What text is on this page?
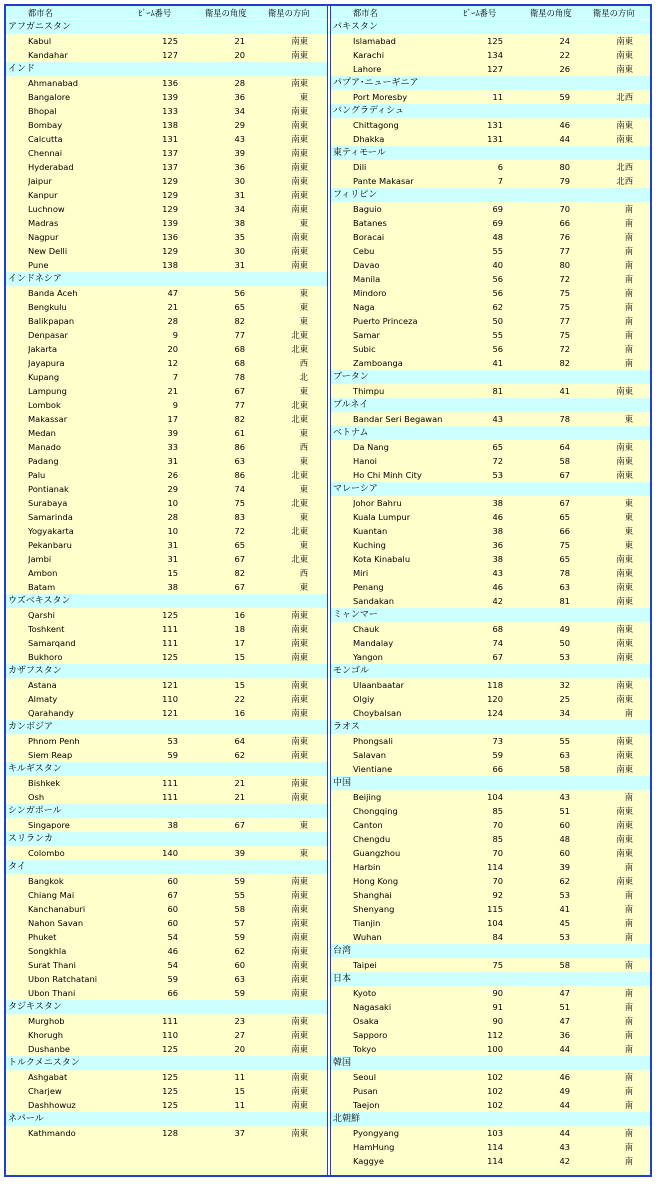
都市名	ﾋﾞｰﾑ番号	衛星の角度	衛星の方向
アフガニスタン
Kabul	125	21	南東
Kandahar	127	20	南東
インド
Ahmanabad	136	28	南東
Bangalore	139	36	東
Bhopal	133	34	南東
Bombay	138	29	南東
Calcutta	131	43	南東
Chennai	137	39	南東
Hyderabad	137	36	南東
Jaipur	129	30	南東
Kanpur	129	31	南東
Luchnow	129	34	南東
Madras	139	38	東
Nagpur	136	35	南東
New Delli	129	30	南東
Pune	138	31	南東
インドネシア
Banda Aceh	47	56	東
Bengkulu	21	65	東
Balikpapan	28	82	東
Denpasar	9	77	北東
Jakarta	20	68	北東
Jayapura	12	68	西
Kupang	7	78	北
Lampung	21	67	東
Lombok	9	77	北東
Makassar	17	82	北東
Medan	39	61	東
Manado	33	86	西
Padang	31	63	東
Palu	26	86	北東
Pontianak	29	74	東
Surabaya	10	75	北東
Samarinda	28	83	東
Yogyakarta	10	72	北東
Pekanbaru	31	65	東
Jambi	31	67	北東
Ambon	15	82	西
Batam	38	67	東
ウズベキスタン
Qarshi	125	16	南東
Toshkent	111	18	南東
Samarqand	111	17	南東
Bukhoro	125	15	南東
カザフスタン
Astana	121	15	南東
Almaty	110	22	南東
Qarahandy	121	16	南東
カンボジア
Phnom Penh	53	64	南東
Siem Reap	59	62	南東
キルギスタン
Bishkek	111	21	南東
Osh	111	21	南東
シンガポール
Singapore	38	67	東
スリランカ
Colombo	140	39	東
タイ
Bangkok	60	59	南東
Chiang Mai	67	55	南東
Kanchanaburi	60	58	南東
Nahon Savan	60	57	南東
Phuket	54	59	南東
Songkhla	46	62	南東
Surat Thani	54	60	南東
Ubon Ratchatani	59	63	南東
Ubon Thani	66	59	南東
タジキスタン
Murghob	111	23	南東
Khorugh	110	27	南東
Dushanbe	125	20	南東
トルクメニスタン
Ashgabat	125	11	南東
Charjew	125	15	南東
Dashhowuz	125	11	南東
ネパール
Kathmando	128	37	南東
都市名	ﾋﾞｰﾑ番号	衛星の角度	衛星の方向
パキスタン
Islamabad	125	24	南東
Karachi	134	22	南東
Lahore	127	26	南東
パプア･ニューギニア
Port Moresby	11	59	北西
バングラディシュ
Chittagong	131	46	南東
Dhakka	131	44	南東
東ティモール
Dili	6	80	北西
Pante Makasar	7	79	北西
フィリピン
Baguio	69	70	南
Batanes	69	66	南
Boracai	48	76	南
Cebu	55	77	南
Davao	40	80	南
Manila	56	72	南
Mindoro	56	75	南
Naga	62	75	南
Puerto Princeza	50	77	南
Samar	55	75	南
Subic	56	72	南
Zamboanga	41	82	南
ブータン
Thimpu	81	41	南東
ブルネイ
Bandar Seri Begawan	43	78	東
ベトナム
Da Nang	65	64	南東
Hanoi	72	58	南東
Ho Chi Minh City	53	67	南東
マレーシア
Johor Bahru	38	67	東
Kuala Lumpur	46	65	東
Kuantan	38	66	東
Kuching	36	75	東
Kota Kinabalu	38	65	南東
Miri	43	78	南東
Penang	46	63	南東
Sandakan	42	81	南東
ミャンマー
Chauk	68	49	南東
Mandalay	74	50	南東
Yangon	67	53	南東
モンゴル
Ulaanbaatar	118	32	南東
Olgiy	120	25	南東
Choybalsan	124	34	南
ラオス
Phongsali	73	55	南東
Salavan	59	63	南東
Vientiane	66	58	南東
中国
Beijing	104	43	南
Chongqing	85	51	南東
Canton	70	60	南東
Chengdu	85	48	南東
Guangzhou	70	60	南東
Harbin	114	39	南
Hong Kong	70	62	南東
Shanghai	92	53	南
Shenyang	115	41	南
Tianjin	104	45	南
Wuhan	84	53	南
台湾
Taipei	75	58	南
日本
Kyoto	90	47	南
Nagasaki	91	51	南
Osaka	90	47	南
Sapporo	112	36	南
Tokyo	100	44	南
韓国
Seoul	102	46	南
Pusan	102	49	南
Taejon	102	44	南
北朝鮮
Pyongyang	103	44	南
HamHung	114	43	南
Kaggye	114	42	南
